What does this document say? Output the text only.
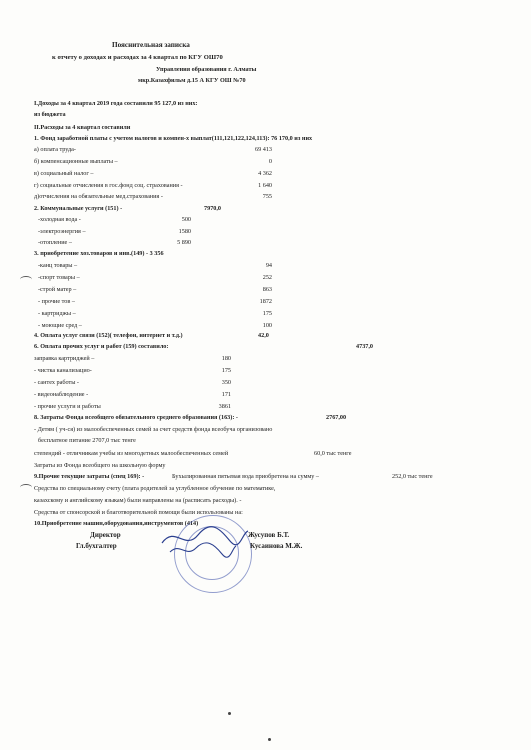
Пояснительная записка
к отчету о доходах и расходах за 4 квартал по КГУ ОШ70
Управления образования г. Алматы
мкр.Казахфильм д.15 А КГУ ОШ №70
I.Доходы за 4 квартал 2019 года составили 95 127,0 из них:
из бюджета
II.Расходы за 4 квартал составили
1. Фонд заработной платы с учетом налогов и компен-х выплат(111,121,122,124,113): 76 170,0 из них
а) оплата труда-	69 413
б) компенсационные выплаты –	0
в) социальный налог –	4 362
г) социальные отчисления в гос.фонд соц. страхования -	1 640
д)отчисления на обязательные мед.страхования -	755
2. Коммунальные услуги (151) -	7970,0
-холодная вода -	500
-электроэнергия –	1580
-отопление –	5 890
3. приобретение хоз.товаров и инв.(149) - 3 356
-канц товары –	94
-спорт товары –	252
-строй матер –	863
- прочие тов –	1872
- картриджы –	175
- моющие сред –	100
4. Оплата услуг связи (152)( телефон, интернет и т.д.)	42,0
6. Оплата прочих услуг и работ (159) составило:	4737,0
заправка картриджей –	180
- чистка канализацио-	175
- сантех работы -	350
- видеонаблюдение -	171
- прочие услуги и работы	3861
8. Затраты Фонда всеобщего обязательного среднего образования (163): -	2767,00
- Детям ( уч-ся) из малообеспеченных семей за счет средств фонда всеобуча организовано
бесплатное питание 2707,0 тыс тенге
степендий - отличникам учебы из многодетных малообеспеченных семей	60,0 тыс тенге
Затраты из Фонда всеобщего на школьную форму
9.Прочие текущие затраты (спец 169): -	Бухылированная пятьевая вода приобретена на сумму –	252,0 тыс тенге
Средства по специальному счету (плата родителей за углубленное обучение по математике,
казахскому и английскому языкам) были направлены на (расписать расходы). -
Средства от спонсорской и благотворительной помощи были использованы на:
10.Приобретение машин,оборудования,инструментов (414)
Директор	Жусупов Б.Т.
Гл.бухгалтер	Кусаинова М.Ж.
